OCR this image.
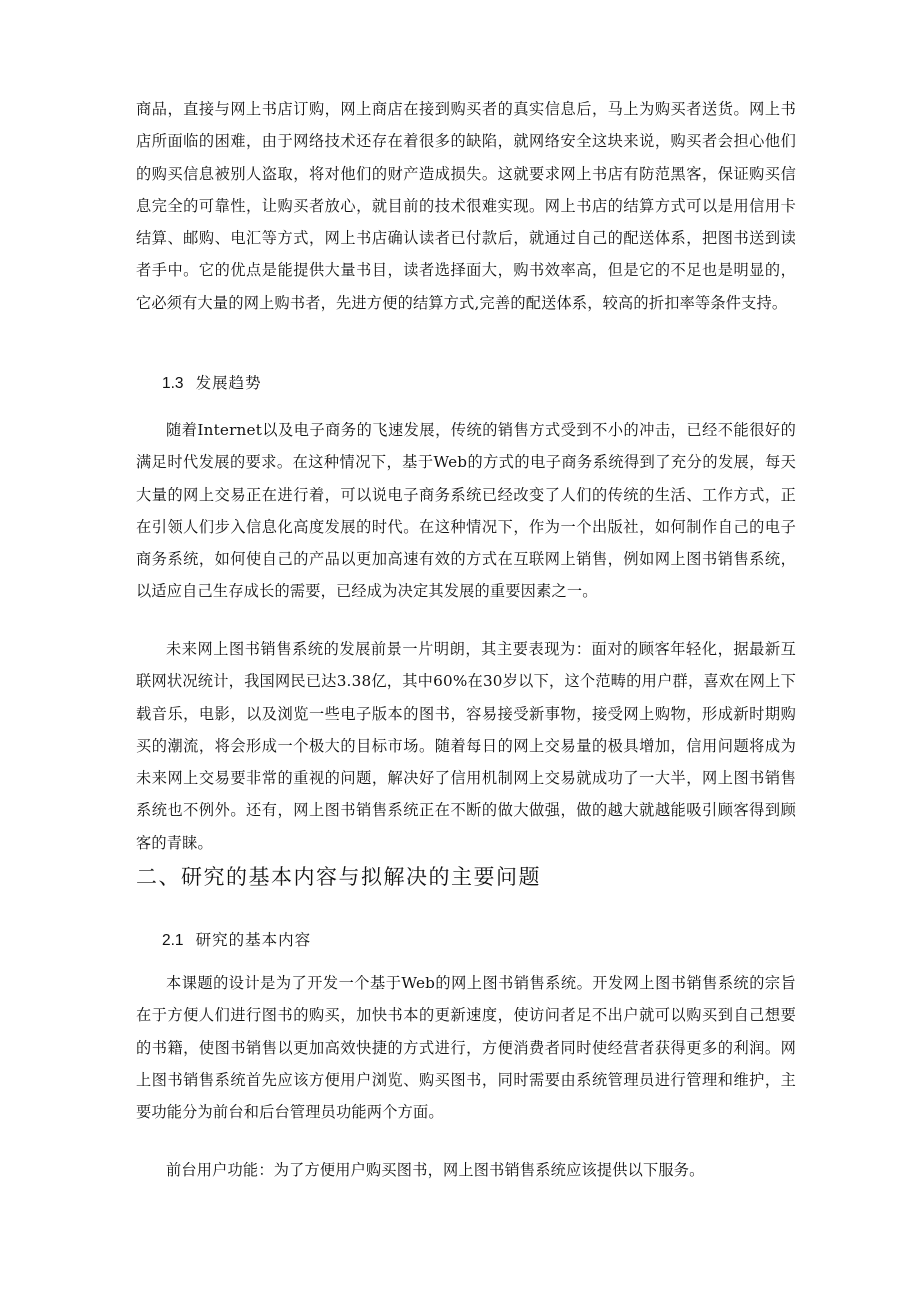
商品，直接与网上书店订购，网上商店在接到购买者的真实信息后，马上为购买者送货。网上书店所面临的困难，由于网络技术还存在着很多的缺陷，就网络安全这块来说，购买者会担心他们的购买信息被别人盗取，将对他们的财产造成损失。这就要求网上书店有防范黑客，保证购买信息完全的可靠性，让购买者放心，就目前的技术很难实现。网上书店的结算方式可以是用信用卡结算、邮购、电汇等方式，网上书店确认读者已付款后，就通过自己的配送体系，把图书送到读者手中。它的优点是能提供大量书目，读者选择面大，购书效率高，但是它的不足也是明显的，它必须有大量的网上购书者，先进方便的结算方式,完善的配送体系，较高的折扣率等条件支持。

1.3 发展趋势

随着Internet以及电子商务的飞速发展，传统的销售方式受到不小的冲击，已经不能很好的满足时代发展的要求。在这种情况下，基于Web的方式的电子商务系统得到了充分的发展，每天大量的网上交易正在进行着，可以说电子商务系统已经改变了人们的传统的生活、工作方式，正在引领人们步入信息化高度发展的时代。在这种情况下，作为一个出版社，如何制作自己的电子商务系统，如何使自己的产品以更加高速有效的方式在互联网上销售，例如网上图书销售系统，以适应自己生存成长的需要，已经成为决定其发展的重要因素之一。

未来网上图书销售系统的发展前景一片明朗，其主要表现为：面对的顾客年轻化，据最新互联网状况统计，我国网民已达3.38亿，其中60%在30岁以下，这个范畴的用户群，喜欢在网上下载音乐，电影，以及浏览一些电子版本的图书，容易接受新事物，接受网上购物，形成新时期购买的潮流，将会形成一个极大的目标市场。随着每日的网上交易量的极具增加，信用问题将成为未来网上交易要非常的重视的问题，解决好了信用机制网上交易就成功了一大半，网上图书销售系统也不例外。还有，网上图书销售系统正在不断的做大做强，做的越大就越能吸引顾客得到顾客的青睐。

二、研究的基本内容与拟解决的主要问题
2.1 研究的基本内容

本课题的设计是为了开发一个基于Web的网上图书销售系统。开发网上图书销售系统的宗旨在于方便人们进行图书的购买，加快书本的更新速度，使访问者足不出户就可以购买到自己想要的书籍，使图书销售以更加高效快捷的方式进行，方便消费者同时使经营者获得更多的利润。网上图书销售系统首先应该方便用户浏览、购买图书，同时需要由系统管理员进行管理和维护，主要功能分为前台和后台管理员功能两个方面。

前台用户功能：为了方便用户购买图书，网上图书销售系统应该提供以下服务。
